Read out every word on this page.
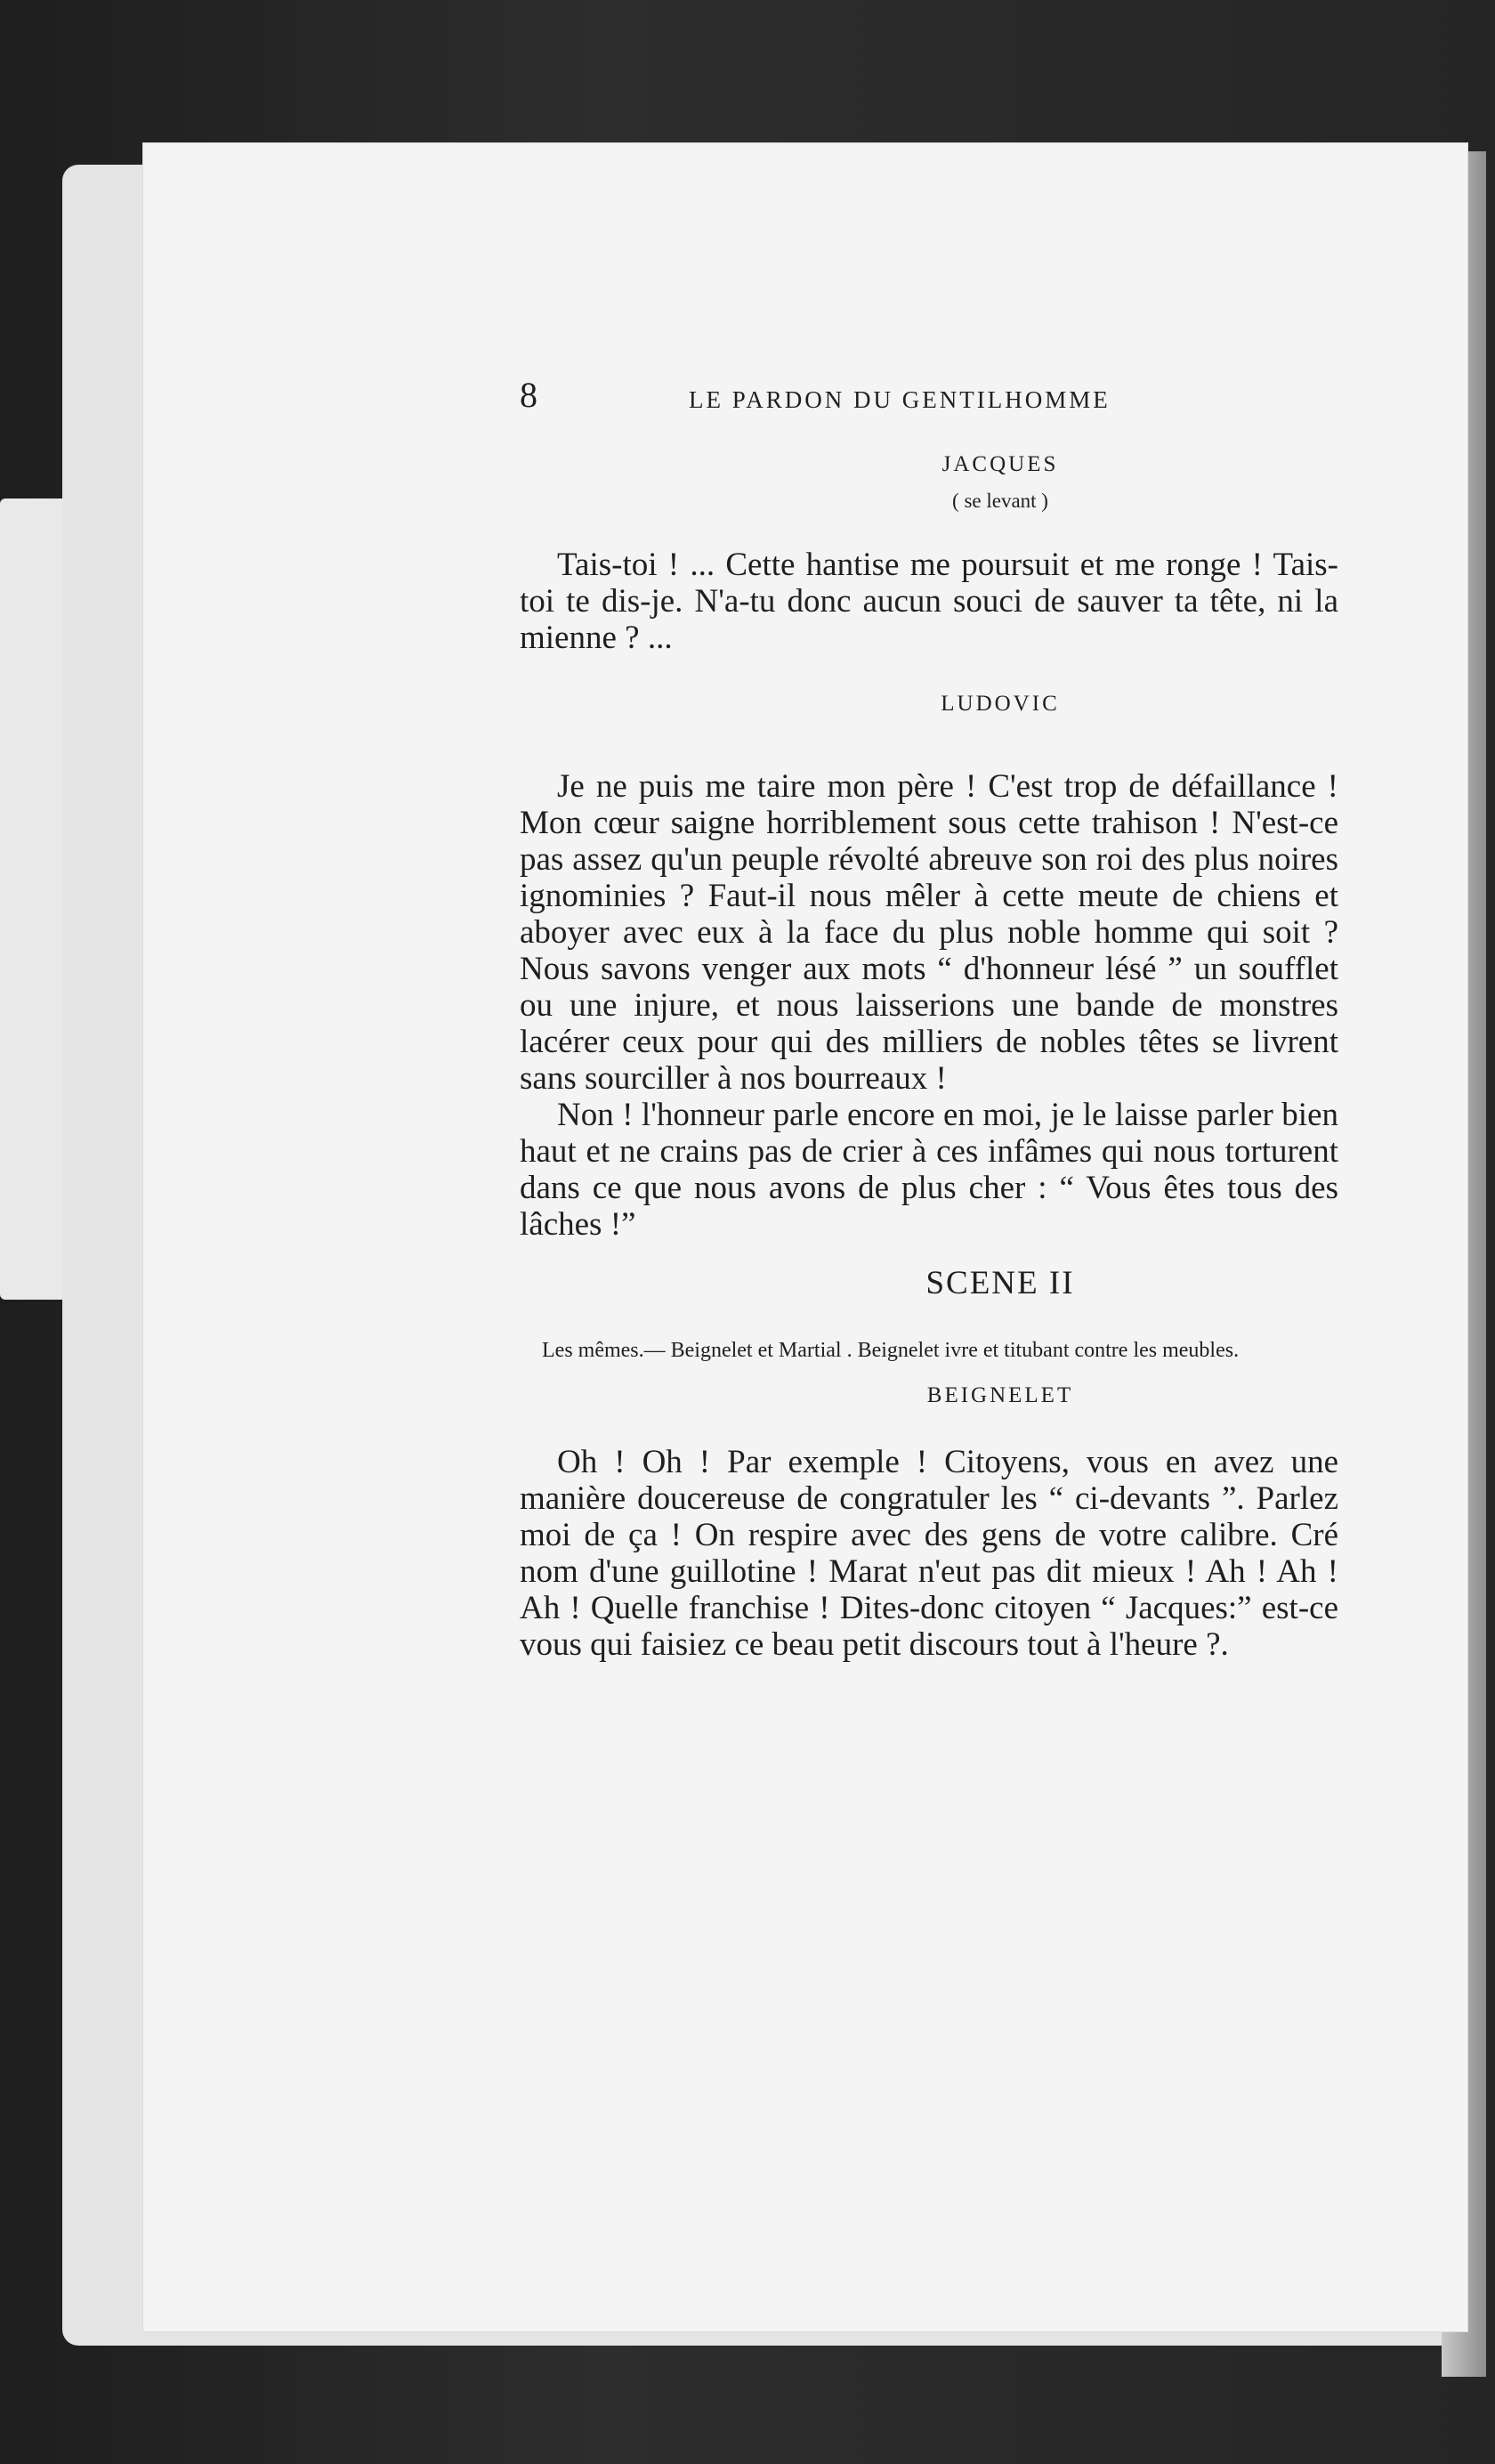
8	LE PARDON DU GENTILHOMME
JACQUES
( se levant )

Tais-toi ! ... Cette hantise me poursuit et me ronge ! Tais-toi te dis-je. N'a-tu donc aucun souci de sauver ta tête, ni la mienne ? ...

LUDOVIC

Je ne puis me taire mon père ! C'est trop de défaillance ! Mon cœur saigne horriblement sous cette trahison ! N'est-ce pas assez qu'un peuple révolté abreuve son roi des plus noires ignominies ? Faut-il nous mêler à cette meute de chiens et aboyer avec eux à la face du plus noble homme qui soit ? Nous savons venger aux mots “ d'honneur lésé ” un soufflet ou une injure, et nous laisserions une bande de monstres lacérer ceux pour qui des milliers de nobles têtes se livrent sans sourciller à nos bourreaux !

Non ! l'honneur parle encore en moi, je le laisse parler bien haut et ne crains pas de crier à ces infâmes qui nous torturent dans ce que nous avons de plus cher : “ Vous êtes tous des lâches !”

SCENE II

Les mêmes.— Beignelet et Martial . Beignelet ivre et titubant contre les meubles.

BEIGNELET

Oh ! Oh ! Par exemple ! Citoyens, vous en avez une manière doucereuse de congratuler les “ ci-devants ”. Parlez moi de ça ! On respire avec des gens de votre calibre. Cré nom d'une guillotine ! Marat n'eut pas dit mieux ! Ah ! Ah ! Ah ! Quelle franchise ! Dites-donc citoyen “ Jacques:” est-ce vous qui faisiez ce beau petit discours tout à l'heure ?.
